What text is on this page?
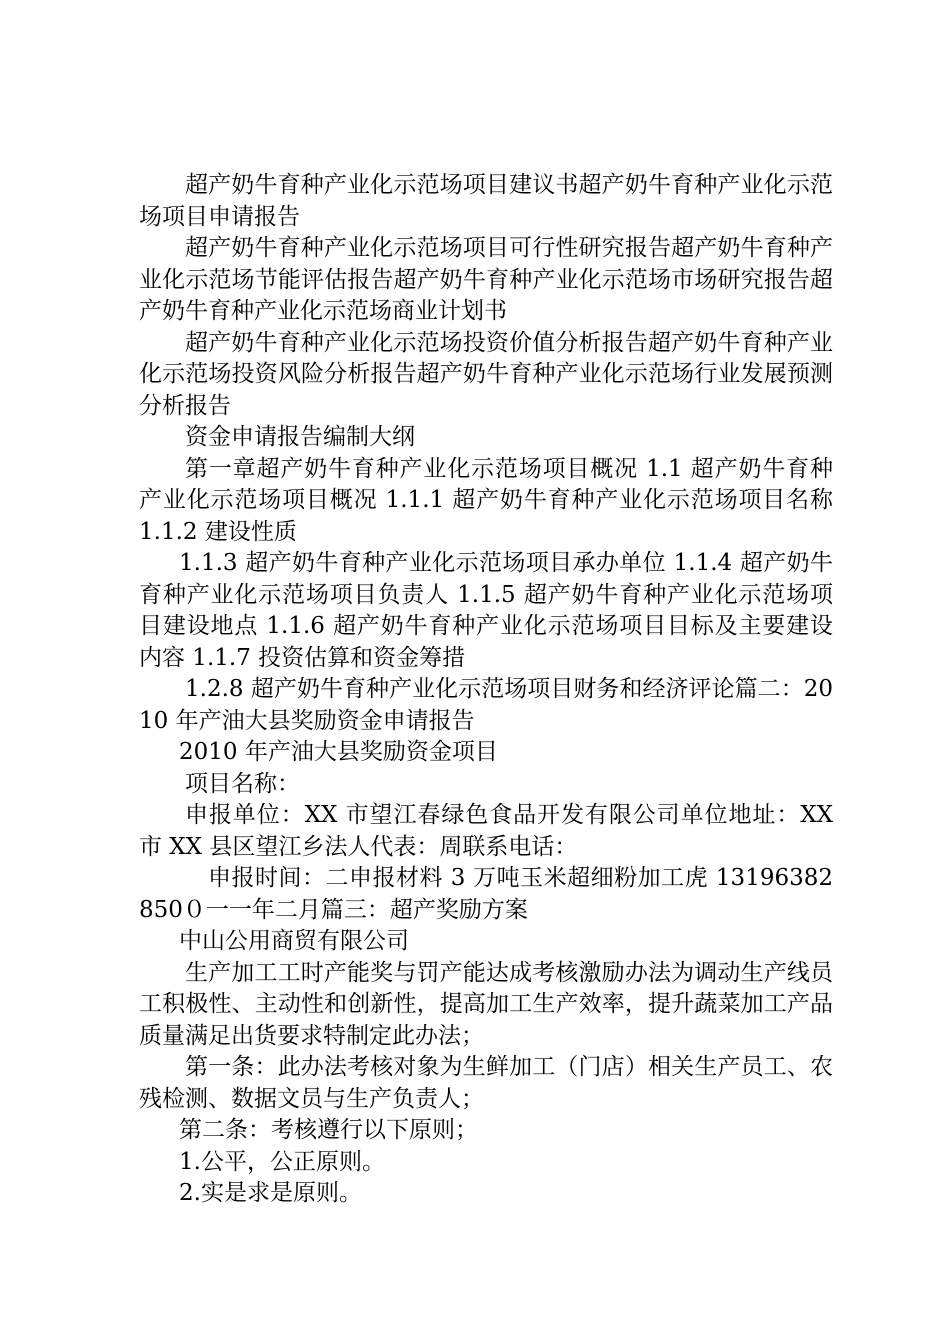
超产奶牛育种产业化示范场项目建议书超产奶牛育种产业化示范场项目申请报告

超产奶牛育种产业化示范场项目可行性研究报告超产奶牛育种产业化示范场节能评估报告超产奶牛育种产业化示范场市场研究报告超产奶牛育种产业化示范场商业计划书

超产奶牛育种产业化示范场投资价值分析报告超产奶牛育种产业化示范场投资风险分析报告超产奶牛育种产业化示范场行业发展预测分析报告

资金申请报告编制大纲

第一章超产奶牛育种产业化示范场项目概况 1.1 超产奶牛育种产业化示范场项目概况 1.1.1 超产奶牛育种产业化示范场项目名称 1.1.2 建设性质

1.1.3 超产奶牛育种产业化示范场项目承办单位 1.1.4 超产奶牛育种产业化示范场项目负责人 1.1.5 超产奶牛育种产业化示范场项目建设地点 1.1.6 超产奶牛育种产业化示范场项目目标及主要建设内容 1.1.7 投资估算和资金筹措

1.2.8 超产奶牛育种产业化示范场项目财务和经济评论篇二：2010 年产油大县奖励资金申请报告

2010 年产油大县奖励资金项目

项目名称：

申报单位：XX 市望江春绿色食品开发有限公司单位地址：XX 市 XX 县区望江乡法人代表：周联系电话：

申报时间：二申报材料 3 万吨玉米超细粉加工虎 13196382850０一一年二月篇三：超产奖励方案

中山公用商贸有限公司

生产加工工时产能奖与罚产能达成考核激励办法为调动生产线员工积极性、主动性和创新性，提高加工生产效率，提升蔬菜加工产品质量满足出货要求特制定此办法；

第一条：此办法考核对象为生鲜加工（门店）相关生产员工、农残检测、数据文员与生产负责人；

第二条：考核遵行以下原则；

1.公平，公正原则。

2.实是求是原则。
